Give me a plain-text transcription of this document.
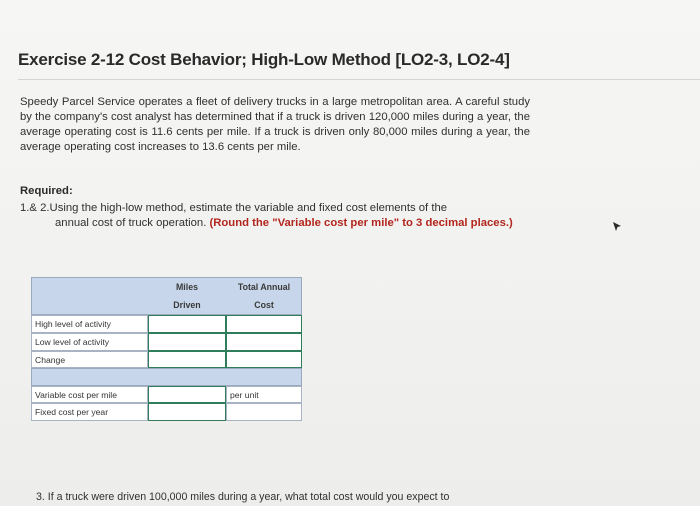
Exercise 2-12 Cost Behavior; High-Low Method [LO2-3, LO2-4]
Speedy Parcel Service operates a fleet of delivery trucks in a large metropolitan area. A careful study by the company's cost analyst has determined that if a truck is driven 120,000 miles during a year, the average operating cost is 11.6 cents per mile. If a truck is driven only 80,000 miles during a year, the average operating cost increases to 13.6 cents per mile.
Required:
1.& 2.Using the high-low method, estimate the variable and fixed cost elements of the
annual cost of truck operation. (Round the "Variable cost per mile" to 3 decimal places.)
Miles
Driven
Total Annual
Cost
High level of activity
Low level of activity
Change
Variable cost per mile	per unit
Fixed cost per year
3. If a truck were driven 100,000 miles during a year, what total cost would you expect to
